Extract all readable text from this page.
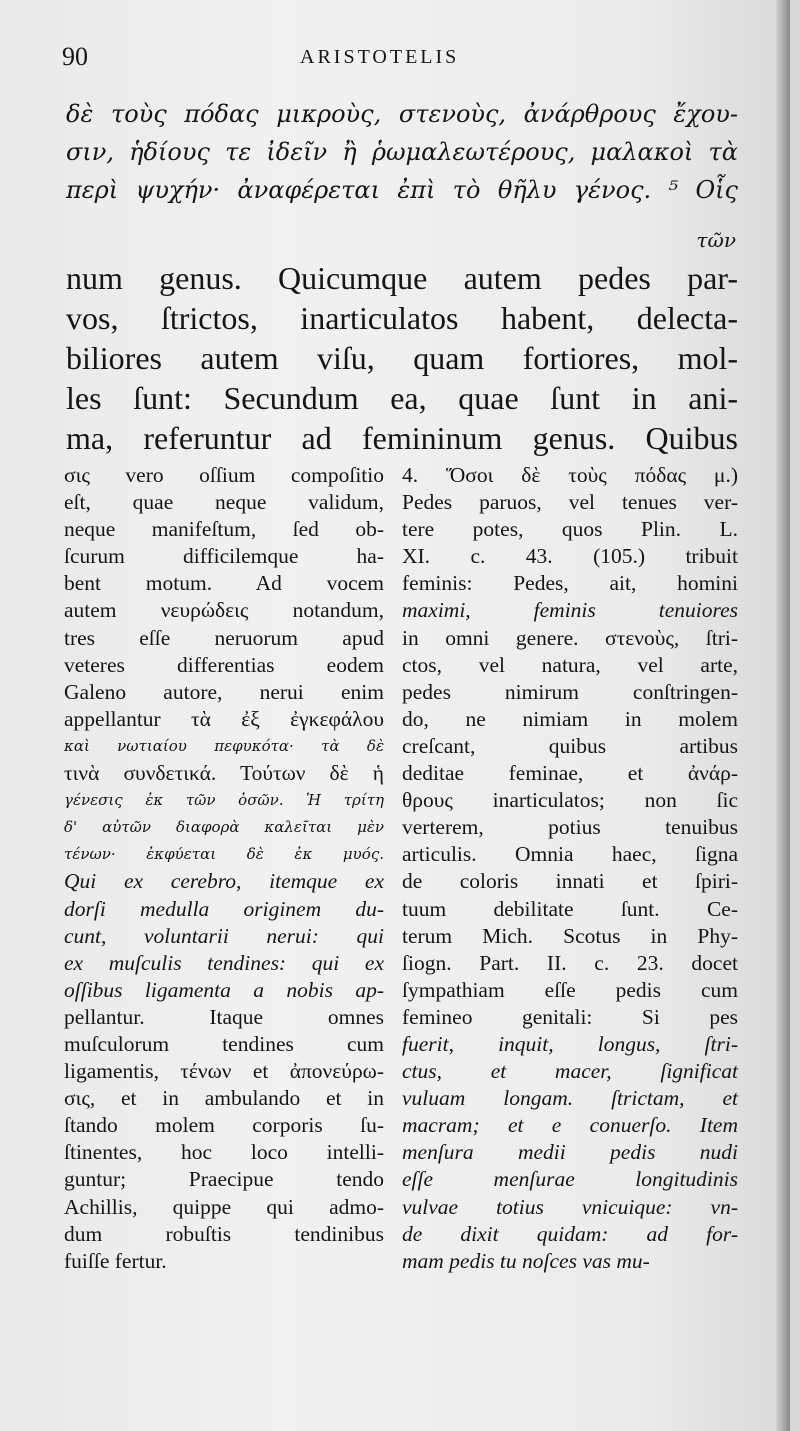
90	ARISTOTELIS
δὲ τοὺς πόδας μικροὺς, στενοὺς, ἀνάρθρους ἔχου-
σιν, ἡδίους τε ἰδεῖν ἢ ῥωμαλεωτέρους, μαλακοὶ τὰ
περὶ ψυχήν· ἀναφέρεται ἐπὶ τὸ θῆλυ γένος. ⁵ Οἷς
τῶν
num genus. Quicumque autem pedes par-
vos, ſtrictos, inarticulatos habent, delecta-
biliores autem viſu, quam fortiores, mol-
les ſunt: Secundum ea, quae ſunt in ani-
ma, referuntur ad femininum genus. Quibus
σις vero oſſium compoſitio
eſt, quae neque validum,
neque manifeſtum, ſed ob-
ſcurum difficilemque ha-
bent motum. Ad vocem
autem νευρώδεις notandum,
tres eſſe neruorum apud
veteres differentias eodem
Galeno autore, nerui enim
appellantur τὰ ἐξ ἐγκεφάλου
καὶ νωτιαίου πεφυκότα· τὰ δὲ
τινὰ συνδετικά. Τούτων δὲ ἡ
γένεσις ἐκ τῶν ὀσῶν. Ἡ τρίτη
δ' αὐτῶν διαφορὰ καλεῖται μὲν
τένων· ἐκφύεται δὲ ἐκ μυός.
Qui ex cerebro, itemque ex
dorſi medulla originem du-
cunt, voluntarii nerui: qui
ex muſculis tendines: qui ex
oſſibus ligamenta a nobis ap-
pellantur. Itaque omnes
muſculorum tendines cum
ligamentis, τένων et ἀπονεύρω-
σις, et in ambulando et in
ſtando molem corporis ſu-
ſtinentes, hoc loco intelli-
guntur; Praecipue tendo
Achillis, quippe qui admo-
dum robuſtis tendinibus
fuiſſe fertur.
4. Ὅσοι δὲ τοὺς πόδας μ.)
Pedes paruos, vel tenues ver-
tere potes, quos Plin. L.
XI. c. 43. (105.) tribuit
feminis: Pedes, ait, homini
maximi, feminis tenuiores
in omni genere. στενοὺς, ſtri-
ctos, vel natura, vel arte,
pedes nimirum conſtringen-
do, ne nimiam in molem
creſcant, quibus artibus
deditae feminae, et ἀνάρ-
θρους inarticulatos; non ſic
verterem, potius tenuibus
articulis. Omnia haec, ſigna
de coloris innati et ſpiri-
tuum debilitate ſunt. Ce-
terum Mich. Scotus in Phy-
ſiogn. Part. II. c. 23. docet
ſympathiam eſſe pedis cum
femineo genitali: Si pes
fuerit, inquit, longus, ſtri-
ctus, et macer, ſignificat
vuluam longam. ſtrictam, et
macram; et e conuerſo. Item
menſura medii pedis nudi
eſſe menſurae longitudinis
vulvae totius vnicuique: vn-
de dixit quidam: ad for-
mam pedis tu noſces vas mu-
